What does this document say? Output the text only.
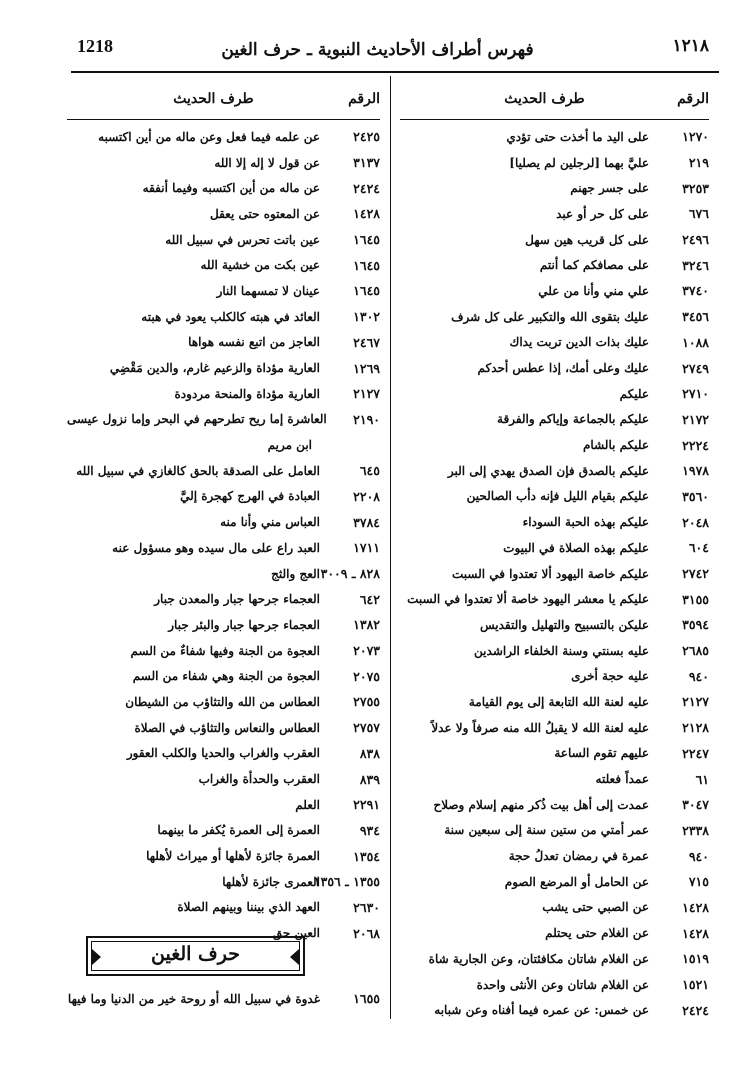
1218	فهرس أطراف الأحاديث النبوية ـ حرف الغين	١٢١٨
الرقم
طرف الحديث
١٢٧٠
على اليد ما أخذت حتى تؤدي
٢١٩
عليَّ بهما [لرجلين لم يصليا]
٣٢٥٣
على جسر جهنم
٦٧٦
على كل حر أو عبد
٢٤٩٦
على كل قريب هين سهل
٣٢٤٦
على مصافكم كما أنتم
٣٧٤٠
علي مني وأنا من علي
٣٤٥٦
عليك بتقوى الله والتكبير على كل شرف
١٠٨٨
عليك بذات الدين تربت يداك
٢٧٤٩
عليك وعلى أمك، إذا عطس أحدكم
٢٧١٠
عليكم
٢١٧٢
عليكم بالجماعة وإياكم والفرقة
٢٢٢٤
عليكم بالشام
١٩٧٨
عليكم بالصدق فإن الصدق يهدي إلى البر
٣٥٦٠
عليكم بقيام الليل فإنه دأب الصالحين
٢٠٤٨
عليكم بهذه الحبة السوداء
٦٠٤
عليكم بهذه الصلاة في البيوت
٢٧٤٢
عليكم خاصة اليهود ألا تعتدوا في السبت
٣١٥٥
عليكم يا معشر اليهود خاصة ألا تعتدوا في السبت
٣٥٩٤
عليكن بالتسبيح والتهليل والتقديس
٢٦٨٥
عليه بسنتي وسنة الخلفاء الراشدين
٩٤٠
عليه حجة أخرى
٢١٢٧
عليه لعنة الله التابعة إلى يوم القيامة
٢١٢٨
عليه لعنة الله لا يقبلُ الله منه صرفاً ولا عدلاً
٢٢٤٧
عليهم تقوم الساعة
٦١
عمداً فعلته
٣٠٤٧
عمدت إلى أهل بيت ذُكر منهم إسلام وصلاح
٢٣٣٨
عمر أمتي من ستين سنة إلى سبعين سنة
٩٤٠
عمرة في رمضان تعدلُ حجة
٧١٥
عن الحامل أو المرضع الصوم
١٤٢٨
عن الصبي حتى يشب
١٤٢٨
عن الغلام حتى يحتلم
١٥١٩
عن الغلام شاتان مكافئتان، وعن الجارية شاة
١٥٢١
عن الغلام شاتان وعن الأنثى واحدة
٢٤٢٤
عن خمس: عن عمره فيما أفناه وعن شبابه
الرقم
طرف الحديث
٢٤٢٥
عن علمه فيما فعل وعن ماله من أين اكتسبه
٣١٣٧
عن قول لا إله إلا الله
٢٤٢٤
عن ماله من أين اكتسبه وفيما أنفقه
١٤٢٨
عن المعتوه حتى يعقل
١٦٤٥
عين باتت تحرس في سبيل الله
١٦٤٥
عين بكت من خشية الله
١٦٤٥
عينان لا تمسهما النار
١٣٠٢
العائد في هبته كالكلب يعود في هبته
٢٤٦٧
العاجز من اتبع نفسه هواها
١٢٦٩
العارية مؤداة والزعيم غارم، والدين مَقْضِي
٢١٢٧
العارية مؤداة والمنحة مردودة
٢١٩٠
العاشرة إما ريح تطرحهم في البحر وإما نزول عيسى
ابن مريم
٦٤٥
العامل على الصدقة بالحق كالغازي في سبيل الله
٢٢٠٨
العبادة في الهرج كهجرة إليَّ
٣٧٨٤
العباس مني وأنا منه
١٧١١
العبد راع على مال سيده وهو مسؤول عنه
٨٢٨ ـ ٣٠٠٩
العج والثج
٦٤٢
العجماء جرحها جبار والمعدن جبار
١٣٨٢
العجماء جرحها جبار والبئر جبار
٢٠٧٣
العجوة من الجنة وفيها شفاءٌ من السم
٢٠٧٥
العجوة من الجنة وهي شفاء من السم
٢٧٥٥
العطاس من الله والتثاؤب من الشيطان
٢٧٥٧
العطاس والنعاس والتثاؤب في الصلاة
٨٣٨
العقرب والغراب والحديا والكلب العقور
٨٣٩
العقرب والحدأة والغراب
٢٢٩١
العلم
٩٣٤
العمرة إلى العمرة يُكفر ما بينهما
١٣٥٤
العمرة جائزة لأهلها أو ميراث لأهلها
١٣٥٥ ـ ١٣٥٦
العمرى جائزة لأهلها
٢٦٣٠
العهد الذي بيننا وبينهم الصلاة
٢٠٦٨
العين حق
حرف الغين
١٦٥٥
غدوة في سبيل الله أو روحة خير من الدنيا وما فيها
